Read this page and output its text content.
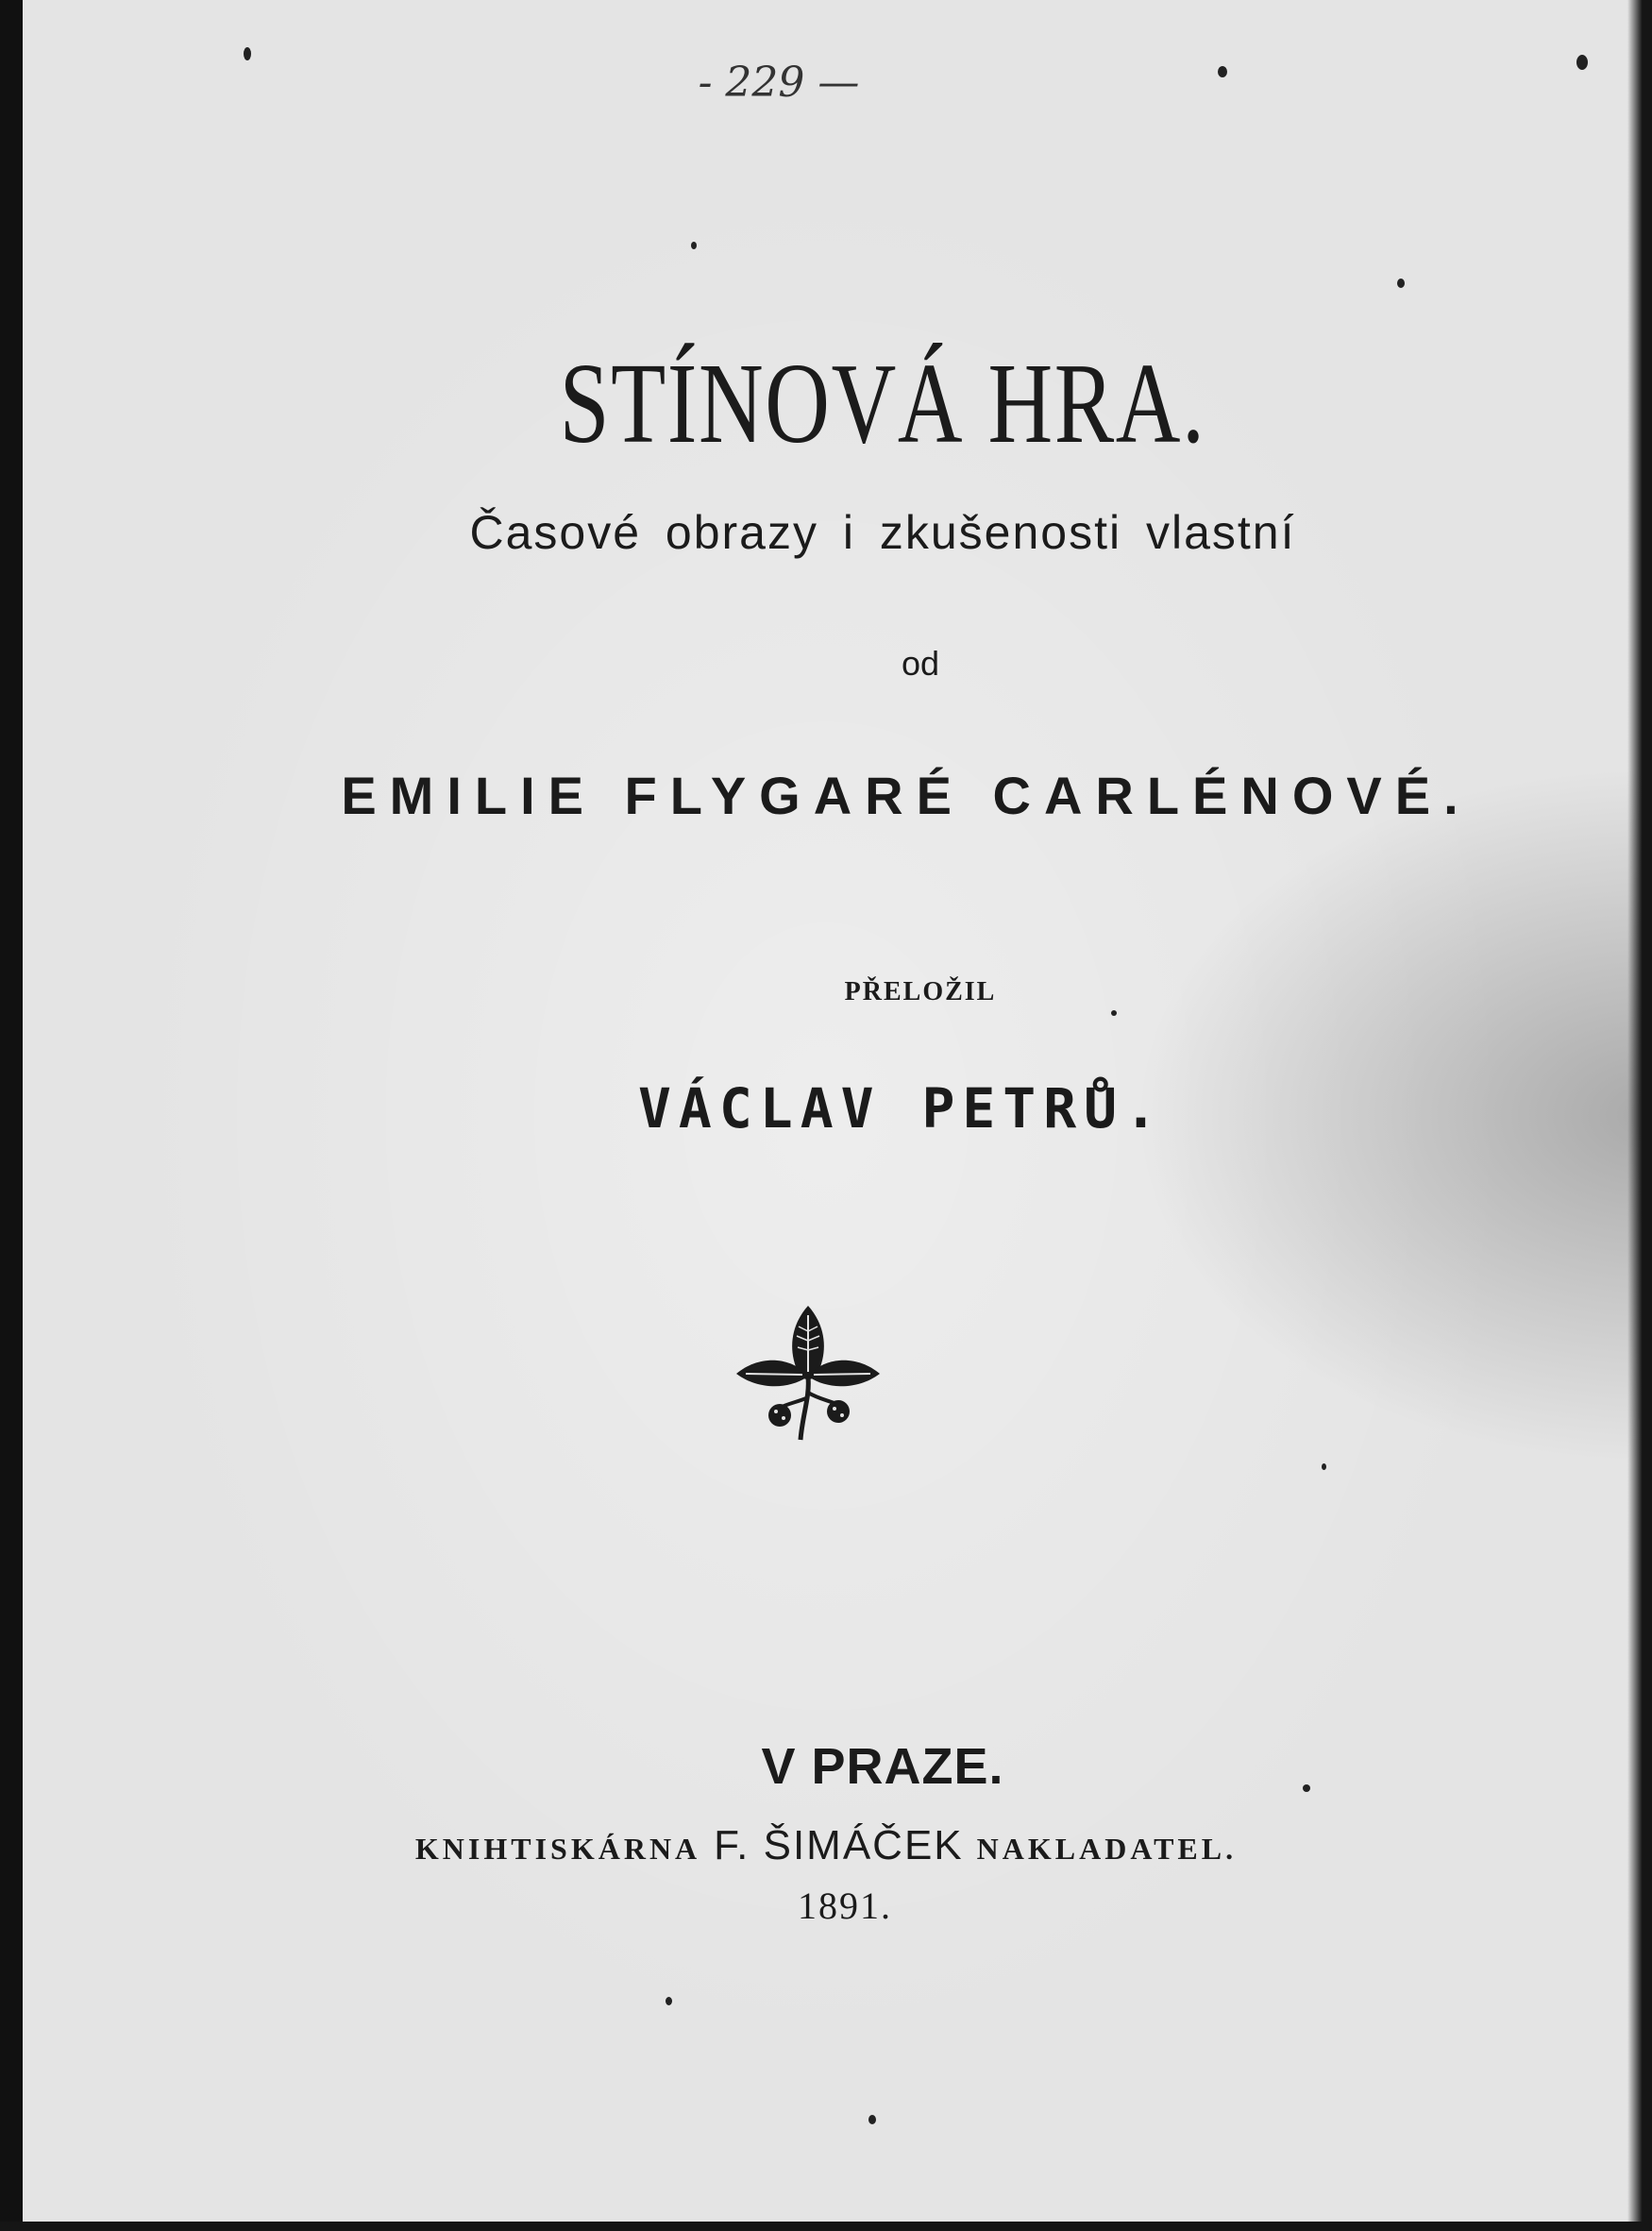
- 229 —
STÍNOVÁ HRA.
Časové obrazy i zkušenosti vlastní
od
EMILIE FLYGARÉ CARLÉNOVÉ.
PŘELOŽIL
VÁCLAV PETRŮ.
V PRAZE.
KNIHTISKÁRNA F. ŠIMÁČEK NAKLADATEL.
1891.
